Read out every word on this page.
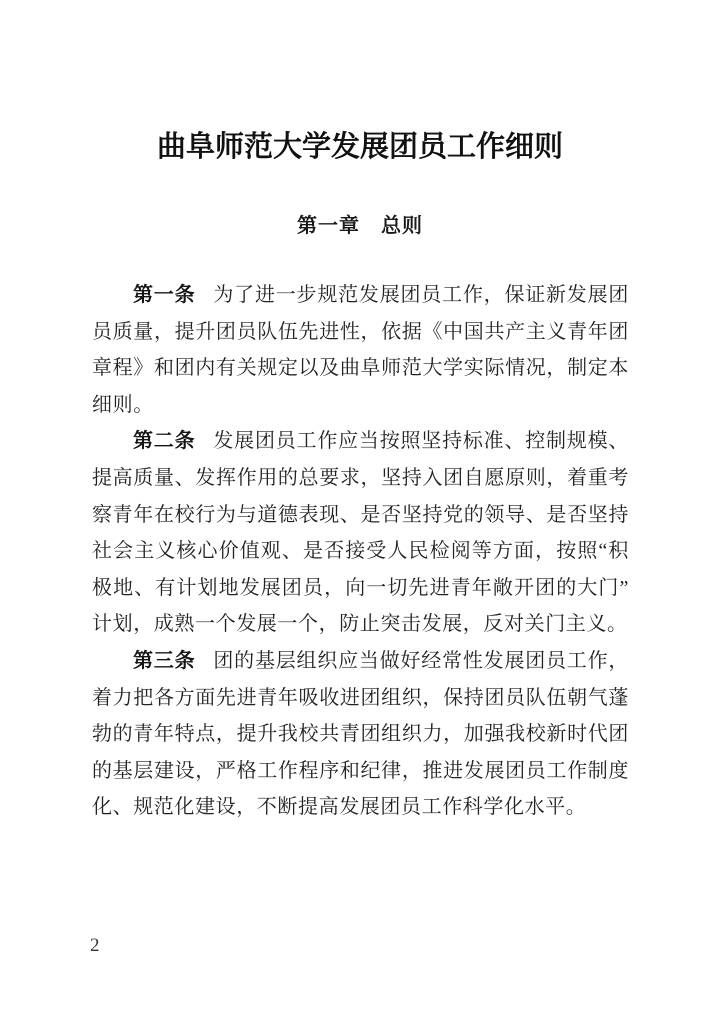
曲阜师范大学发展团员工作细则
第一章　总则

第一条 为了进一步规范发展团员工作，保证新发展团员质量，提升团员队伍先进性，依据《中国共产主义青年团章程》和团内有关规定以及曲阜师范大学实际情况，制定本细则。

第二条 发展团员工作应当按照坚持标准、控制规模、提高质量、发挥作用的总要求，坚持入团自愿原则，着重考察青年在校行为与道德表现、是否坚持党的领导、是否坚持社会主义核心价值观、是否接受人民检阅等方面，按照“积极地、有计划地发展团员，向一切先进青年敞开团的大门”计划，成熟一个发展一个，防止突击发展，反对关门主义。

第三条 团的基层组织应当做好经常性发展团员工作，着力把各方面先进青年吸收进团组织，保持团员队伍朝气蓬勃的青年特点，提升我校共青团组织力，加强我校新时代团的基层建设，严格工作程序和纪律，推进发展团员工作制度化、规范化建设，不断提高发展团员工作科学化水平。

2
